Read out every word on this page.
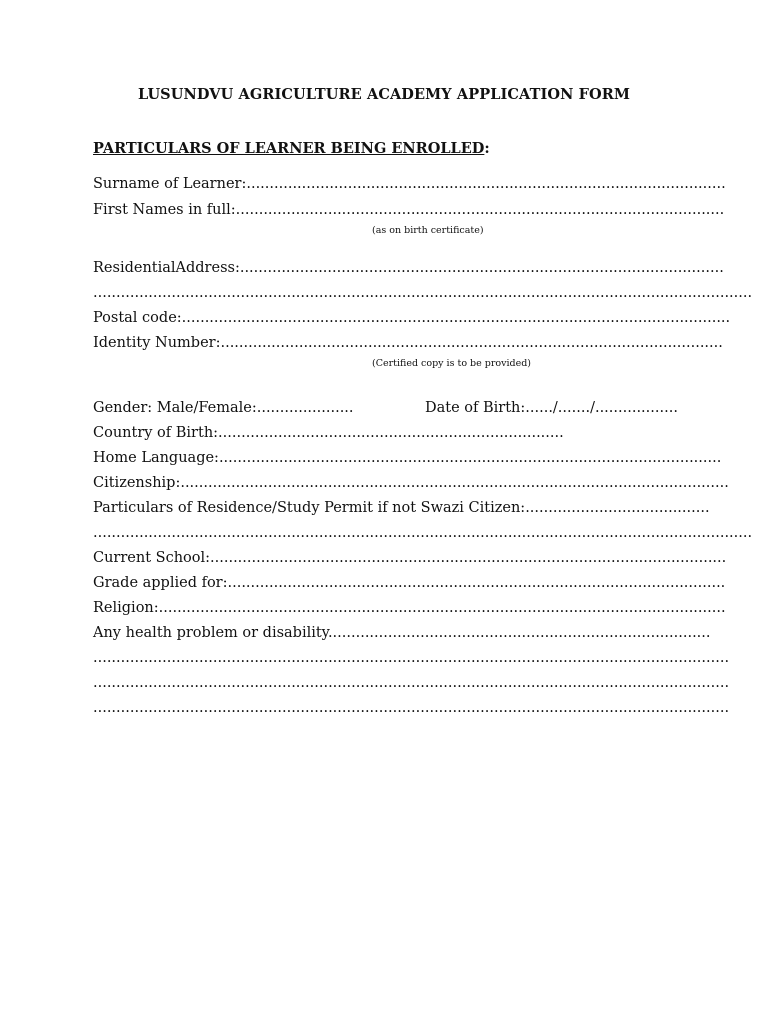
LUSUNDVU AGRICULTURE ACADEMY APPLICATION FORM
PARTICULARS OF LEARNER BEING ENROLLED:
Surname of Learner:........................................................................................................
First Names in full:..........................................................................................................
(as on birth certificate)
ResidentialAddress:.........................................................................................................
...............................................................................................................................................
Postal code:.......................................................................................................................
Identity Number:.............................................................................................................
(Certified copy is to be provided)
Gender: Male/Female:.....................	Date of Birth:....../......./..................
Country of Birth:...........................................................................
Home Language:.............................................................................................................
Citizenship:.......................................................................................................................
Particulars of Residence/Study Permit if not Swazi Citizen:........................................
...............................................................................................................................................
Current School:................................................................................................................
Grade applied for:............................................................................................................
Religion:...........................................................................................................................
Any health problem or disability...................................................................................
..........................................................................................................................................
..........................................................................................................................................
..........................................................................................................................................
